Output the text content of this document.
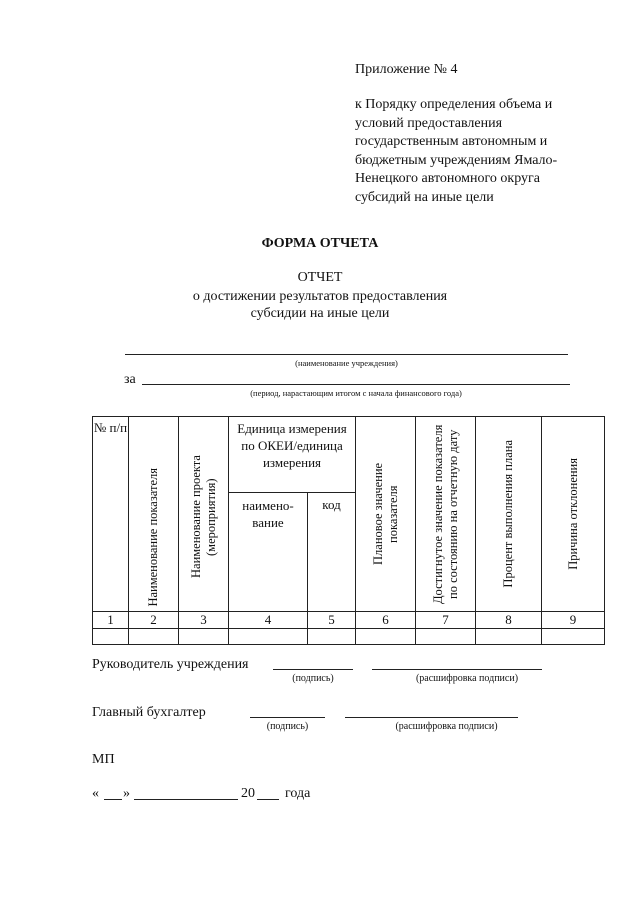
Приложение № 4
к Порядку определения объема и
условий предоставления
государственным автономным и
бюджетным учреждениям Ямало-
Ненецкого автономного округа
субсидий на иные цели
ФОРМА ОТЧЕТА
ОТЧЕТ
о достижении результатов предоставления
субсидии на иные цели
(наименование учреждения)
за
(период, нарастающим итогом с начала финансового года)
№ п/п	Наименование показателя	Наименование проекта (мероприятия)	Единица измерения по ОКЕИ/единица измерения		Плановое значение показателя	Достигнутое значение показателя по состоянию на отчетную дату	Процент выполнения плана	Причина отклонения

			наимено-вание	код				
1	2	3	4	5	6	7	8	9

Руководитель учреждения
(подпись)	(расшифровка подписи)
Главный бухгалтер
(подпись)	(расшифровка подписи)
МП
« »	20 года
